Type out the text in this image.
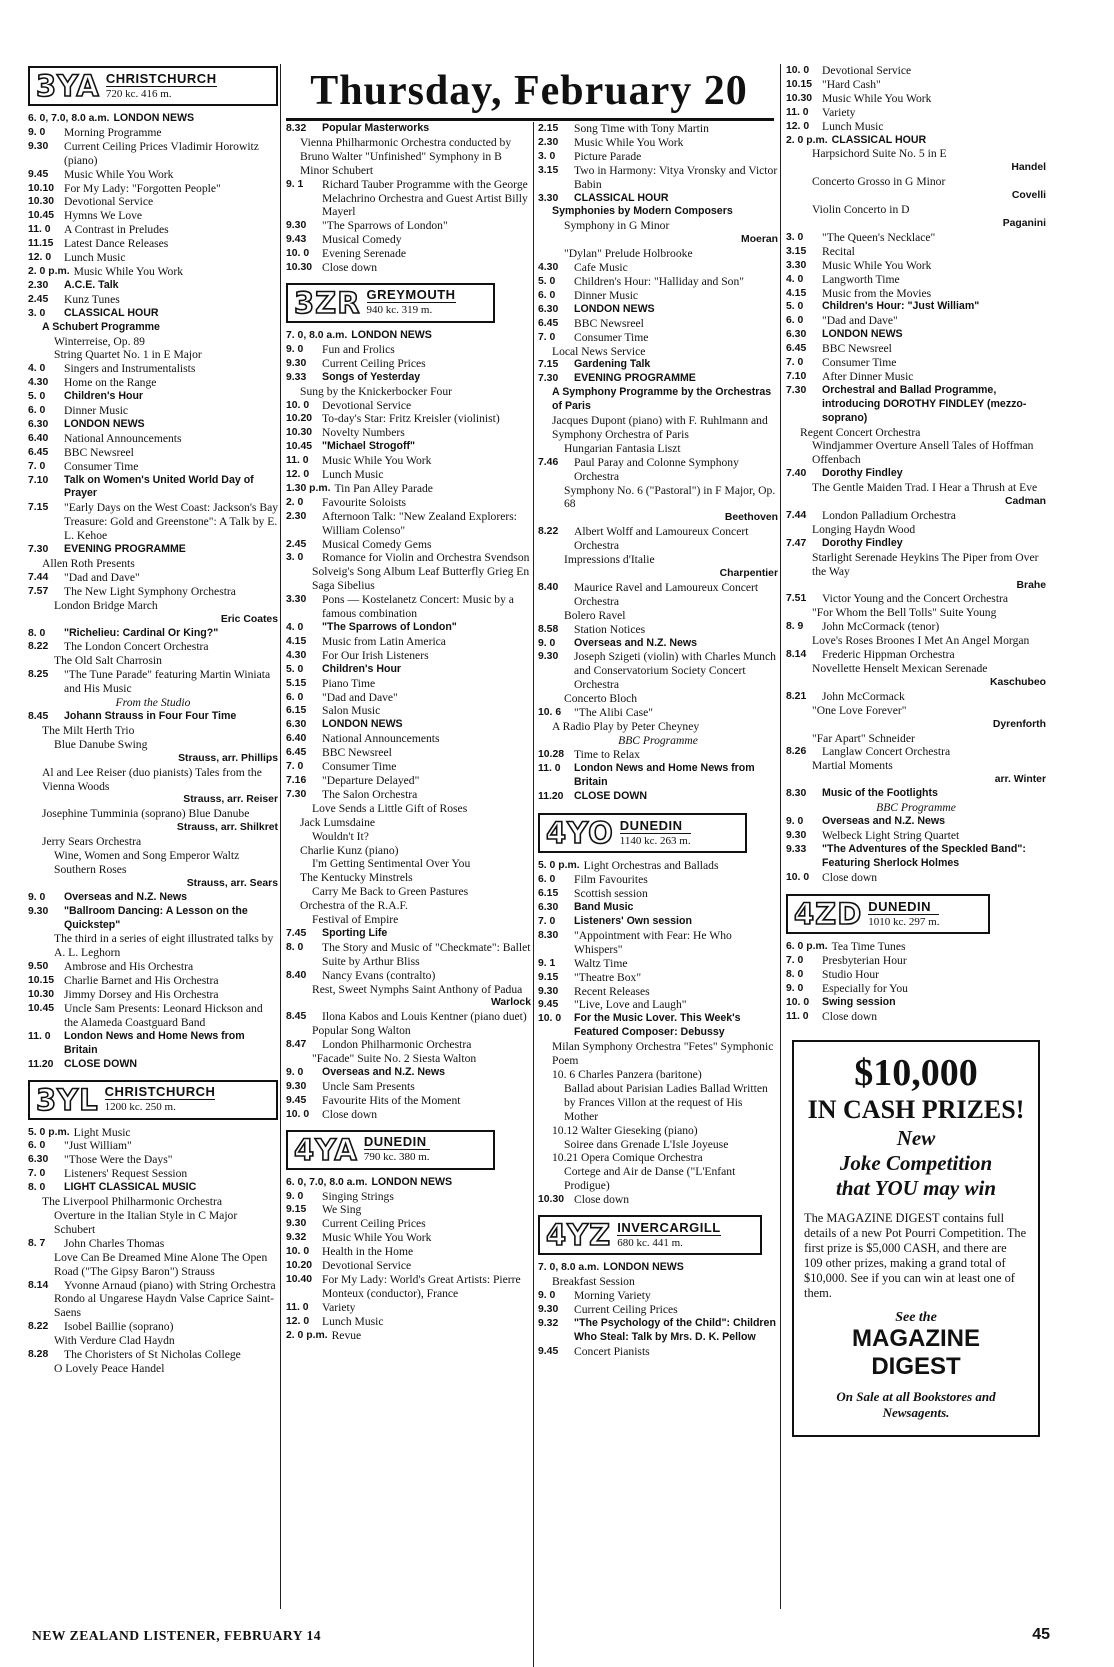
Thursday, February 20
3YA CHRISTCHURCH
720 kc. 416 m.
6. 0, 7.0, 8.0 a.m. LONDON NEWS
9. 0	Morning Programme
9.30	Current Ceiling Prices Vladimir Horowitz (piano)
9.45	Music While You Work
10.10 For My Lady: "Forgotten People"
10.30 Devotional Service
10.45 Hymns We Love
11. 0	A Contrast in Preludes
11.15 Latest Dance Releases
12. 0	Lunch Music
2. 0 p.m. Music While You Work
2.30	A.C.E. Talk
2.45	Kunz Tunes
3. 0	CLASSICAL HOUR
A Schubert Programme
Winterreise, Op. 89
String Quartet No. 1 in E Major
4. 0	Singers and Instrumentalists
4.30	Home on the Range
5. 0	Children's Hour
6. 0	Dinner Music
6.30	LONDON NEWS
6.40	National Announcements
6.45	BBC Newsreel
7. 0	Consumer Time
7.10	Talk on Women's United World Day of Prayer
7.15	"Early Days on the West Coast: Jackson's Bay Treasure: Gold and Greenstone": A Talk by E. L. Kehoe
7.30	EVENING PROGRAMME
Allen Roth Presents
7.44	"Dad and Dave"
7.57	The New Light Symphony Orchestra
London Bridge March
Eric Coates
8. 0	"Richelieu: Cardinal Or King?"
8.22	The London Concert Orchestra
The Old Salt Charrosin
8.25	"The Tune Parade" featuring Martin Winiata and His Music
From the Studio
8.45	Johann Strauss in Four Four Time
The Milt Herth Trio
Blue Danube Swing
Strauss, arr. Phillips
Al and Lee Reiser (duo pianists) Tales from the Vienna Woods
Strauss, arr. Reiser
Josephine Tumminia (soprano) Blue Danube
Strauss, arr. Shilkret
Jerry Sears Orchestra
Wine, Women and Song Emperor Waltz Southern Roses
Strauss, arr. Sears
9. 0	Overseas and N.Z. News
9.30	"Ballroom Dancing: A Lesson on the Quickstep"
The third in a series of eight illustrated talks by A. L. Leghorn
9.50	Ambrose and His Orchestra
10.15 Charlie Barnet and His Orchestra
10.30 Jimmy Dorsey and His Orchestra
10.45 Uncle Sam Presents: Leonard Hickson and the Alameda Coastguard Band
11. 0	London News and Home News from Britain
11.20 CLOSE DOWN
3YL CHRISTCHURCH
1200 kc. 250 m.
5. 0 p.m. Light Music
6. 0	"Just William"
6.30	"Those Were the Days"
7. 0	Listeners' Request Session
8. 0	LIGHT CLASSICAL MUSIC
The Liverpool Philharmonic Orchestra
Overture in the Italian Style in C Major Schubert
8. 7	John Charles Thomas
Love Can Be Dreamed Mine Alone The Open Road ("The Gipsy Baron") Strauss
8.14	Yvonne Arnaud (piano) with String Orchestra
Rondo al Ungarese Haydn Valse Caprice Saint-Saens
8.22	Isobel Baillie (soprano)
With Verdure Clad Haydn
8.28	The Choristers of St Nicholas College
O Lovely Peace Handel
8.32	Popular Masterworks
Vienna Philharmonic Orchestra conducted by Bruno Walter "Unfinished" Symphony in B Minor Schubert
9. 1	Richard Tauber Programme with the George Melachrino Orchestra and Guest Artist Billy Mayerl
9.30	"The Sparrows of London"
9.43	Musical Comedy
10. 0	Evening Serenade
10.30 Close down
3ZR GREYMOUTH
940 kc. 319 m.
7. 0, 8.0 a.m. LONDON NEWS
9. 0	Fun and Frolics
9.30	Current Ceiling Prices
9.33	Songs of Yesterday
Sung by the Knickerbocker Four
10. 0	Devotional Service
10.20 To-day's Star: Fritz Kreisler (violinist)
10.30 Novelty Numbers
10.45 "Michael Strogoff"
11. 0	Music While You Work
12. 0	Lunch Music
1.30 p.m. Tin Pan Alley Parade
2. 0	Favourite Soloists
2.30	Afternoon Talk: "New Zealand Explorers: William Colenso"
2.45	Musical Comedy Gems
3. 0	Romance for Violin and Orchestra Svendson
Solveig's Song Album Leaf Butterfly Grieg En Saga Sibelius
3.30	Pons — Kostelanetz Concert: Music by a famous combination
4. 0	"The Sparrows of London"
4.15	Music from Latin America
4.30	For Our Irish Listeners
5. 0	Children's Hour
5.15	Piano Time
6. 0	"Dad and Dave"
6.15	Salon Music
6.30	LONDON NEWS
6.40	National Announcements
6.45	BBC Newsreel
7. 0	Consumer Time
7.16	"Departure Delayed"
7.30	The Salon Orchestra
Love Sends a Little Gift of Roses
Jack Lumsdaine
Wouldn't It?
Charlie Kunz (piano)
I'm Getting Sentimental Over You
The Kentucky Minstrels
Carry Me Back to Green Pastures
Orchestra of the R.A.F.
Festival of Empire
7.45	Sporting Life
8. 0	The Story and Music of "Checkmate": Ballet Suite by Arthur Bliss
8.40	Nancy Evans (contralto)
Rest, Sweet Nymphs Saint Anthony of Padua
Warlock
8.45	Ilona Kabos and Louis Kentner (piano duet)
Popular Song Walton
8.47	London Philharmonic Orchestra
"Facade" Suite No. 2 Siesta Walton
9. 0	Overseas and N.Z. News
9.30	Uncle Sam Presents
9.45	Favourite Hits of the Moment
10. 0	Close down
4YA DUNEDIN
790 kc. 380 m.
6. 0, 7.0, 8.0 a.m. LONDON NEWS
9. 0	Singing Strings
9.15	We Sing
9.30	Current Ceiling Prices
9.32	Music While You Work
10. 0	Health in the Home
10.20 Devotional Service
10.40 For My Lady: World's Great Artists: Pierre Monteux (conductor), France
11. 0	Variety
12. 0	Lunch Music
2. 0 p.m. Revue
2.15	Song Time with Tony Martin
2.30	Music While You Work
3. 0	Picture Parade
3.15	Two in Harmony: Vitya Vronsky and Victor Babin
3.30	CLASSICAL HOUR
Symphonies by Modern Composers
Symphony in G Minor
Moeran
"Dylan" Prelude Holbrooke
4.30	Cafe Music
5. 0	Children's Hour: "Halliday and Son"
6. 0	Dinner Music
6.30	LONDON NEWS
6.45	BBC Newsreel
7. 0	Consumer Time
Local News Service
7.15	Gardening Talk
7.30	EVENING PROGRAMME
A Symphony Programme by the Orchestras of Paris
Jacques Dupont (piano) with F. Ruhlmann and Symphony Orchestra of Paris
Hungarian Fantasia Liszt
7.46	Paul Paray and Colonne Symphony Orchestra
Symphony No. 6 ("Pastoral") in F Major, Op. 68
Beethoven
8.22	Albert Wolff and Lamoureux Concert Orchestra
Impressions d'Italie
Charpentier
8.40	Maurice Ravel and Lamoureux Concert Orchestra
Bolero Ravel
8.58	Station Notices
9. 0	Overseas and N.Z. News
9.30	Joseph Szigeti (violin) with Charles Munch and Conservatorium Society Concert Orchestra
Concerto Bloch
10. 6	"The Alibi Case"
A Radio Play by Peter Cheyney
BBC Programme
10.28 Time to Relax
11. 0	London News and Home News from Britain
11.20 CLOSE DOWN
4YO DUNEDIN
1140 kc. 263 m.
5. 0 p.m. Light Orchestras and Ballads
6. 0	Film Favourites
6.15	Scottish session
6.30	Band Music
7. 0	Listeners' Own session
8.30	"Appointment with Fear: He Who Whispers"
9. 1	Waltz Time
9.15	"Theatre Box"
9.30	Recent Releases
9.45	"Live, Love and Laugh"
10. 0	For the Music Lover. This Week's Featured Composer: Debussy
Milan Symphony Orchestra "Fetes" Symphonic Poem
10. 6 Charles Panzera (baritone)
Ballad about Parisian Ladies Ballad Written by Frances Villon at the request of His Mother
10.12 Walter Gieseking (piano)
Soiree dans Grenade L'Isle Joyeuse
10.21 Opera Comique Orchestra
Cortege and Air de Danse ("L'Enfant Prodigue)
10.30 Close down
4YZ INVERCARGILL
680 kc. 441 m.
7. 0, 8.0 a.m. LONDON NEWS
Breakfast Session
9. 0	Morning Variety
9.30	Current Ceiling Prices
9.32	"The Psychology of the Child": Children Who Steal: Talk by Mrs. D. K. Pellow
9.45	Concert Pianists
10. 0	Devotional Service
10.15 "Hard Cash"
10.30 Music While You Work
11. 0	Variety
12. 0	Lunch Music
2. 0 p.m. CLASSICAL HOUR
Harpsichord Suite No. 5 in E
Handel
Concerto Grosso in G Minor
Covelli
Violin Concerto in D
Paganini
3. 0	"The Queen's Necklace"
3.15	Recital
3.30	Music While You Work
4. 0	Langworth Time
4.15	Music from the Movies
5. 0	Children's Hour: "Just William"
6. 0	"Dad and Dave"
6.30	LONDON NEWS
6.45	BBC Newsreel
7. 0	Consumer Time
7.10	After Dinner Music
7.30	Orchestral and Ballad Programme, introducing DOROTHY FINDLEY (mezzo-soprano)
Regent Concert Orchestra
Windjammer Overture Ansell Tales of Hoffman Offenbach
7.40	Dorothy Findley
The Gentle Maiden Trad. I Hear a Thrush at Eve
Cadman
7.44	London Palladium Orchestra
Longing Haydn Wood
7.47	Dorothy Findley
Starlight Serenade Heykins The Piper from Over the Way
Brahe
7.51	Victor Young and the Concert Orchestra
"For Whom the Bell Tolls" Suite Young
8. 9	John McCormack (tenor)
Love's Roses Broones I Met An Angel Morgan
8.14	Frederic Hippman Orchestra
Novellette Henselt Mexican Serenade
Kaschubeo
8.21	John McCormack
"One Love Forever"
Dyrenforth
"Far Apart" Schneider
8.26	Langlaw Concert Orchestra
Martial Moments
arr. Winter
8.30	Music of the Footlights
BBC Programme
9. 0	Overseas and N.Z. News
9.30	Welbeck Light String Quartet
9.33	"The Adventures of the Speckled Band": Featuring Sherlock Holmes
10. 0	Close down
4ZD DUNEDIN
1010 kc. 297 m.
6. 0 p.m. Tea Time Tunes
7. 0	Presbyterian Hour
8. 0	Studio Hour
9. 0	Especially for You
10. 0	Swing session
11. 0	Close down
$10,000
IN CASH PRIZES!
New
Joke Competition
that YOU may win
The MAGAZINE DIGEST contains full details of a new Pot Pourri Competition. The first prize is $5,000 CASH, and there are 109 other prizes, making a grand total of $10,000. See if you can win at least one of them.
See the
MAGAZINE
DIGEST
On Sale at all Bookstores and Newsagents.
NEW ZEALAND LISTENER, FEBRUARY 14	45
